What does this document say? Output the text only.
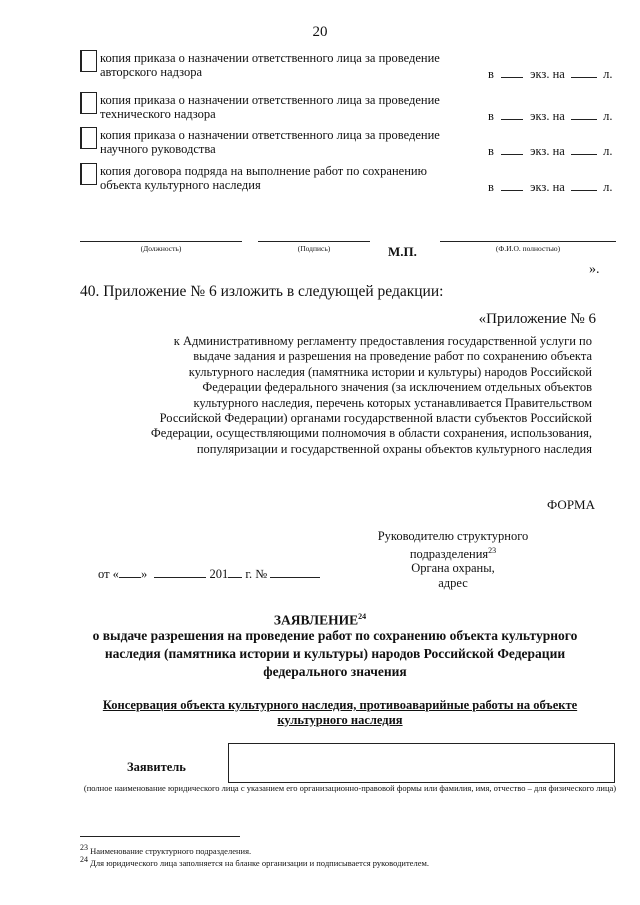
20
копия приказа о назначении ответственного лица за проведение авторского надзора	в	экз. на	л.
копия приказа о назначении ответственного лица за проведение технического надзора	в	экз. на	л.
копия приказа о назначении ответственного лица за проведение научного руководства	в	экз. на	л.
копия договора подряда на выполнение работ по сохранению объекта культурного наследия	в	экз. на	л.
(Должность)	(Подпись)	М.П.	(Ф.И.О. полностью)
».
40. Приложение № 6 изложить в следующей редакции:
«Приложение № 6
к Административному регламенту предоставления государственной услуги по выдаче задания и разрешения на проведение работ по сохранению объекта культурного наследия (памятника истории и культуры) народов Российской Федерации федерального значения (за исключением отдельных объектов культурного наследия, перечень которых устанавливается Правительством Российской Федерации) органами государственной власти субъектов Российской Федерации, осуществляющими полномочия в области сохранения, использования, популяризации и государственной охраны объектов культурного наследия
ФОРМА
Руководителю структурного
подразделения$^{23}$
Органа охраны,
адрес
от « »	201 г. №
ЗАЯВЛЕНИЕ$^{24}$
о выдаче разрешения на проведение работ по сохранению объекта культурного наследия (памятника истории и культуры) народов Российской Федерации федерального значения
Консервация объекта культурного наследия, противоаварийные работы на объекте культурного наследия
Заявитель
(полное наименование юридического лица с указанием его организационно-правовой формы или фамилия, имя, отчество – для физического лица)
$^{23}$ Наименование структурного подразделения.
$^{24}$ Для юридического лица заполняется на бланке организации и подписывается руководителем.
